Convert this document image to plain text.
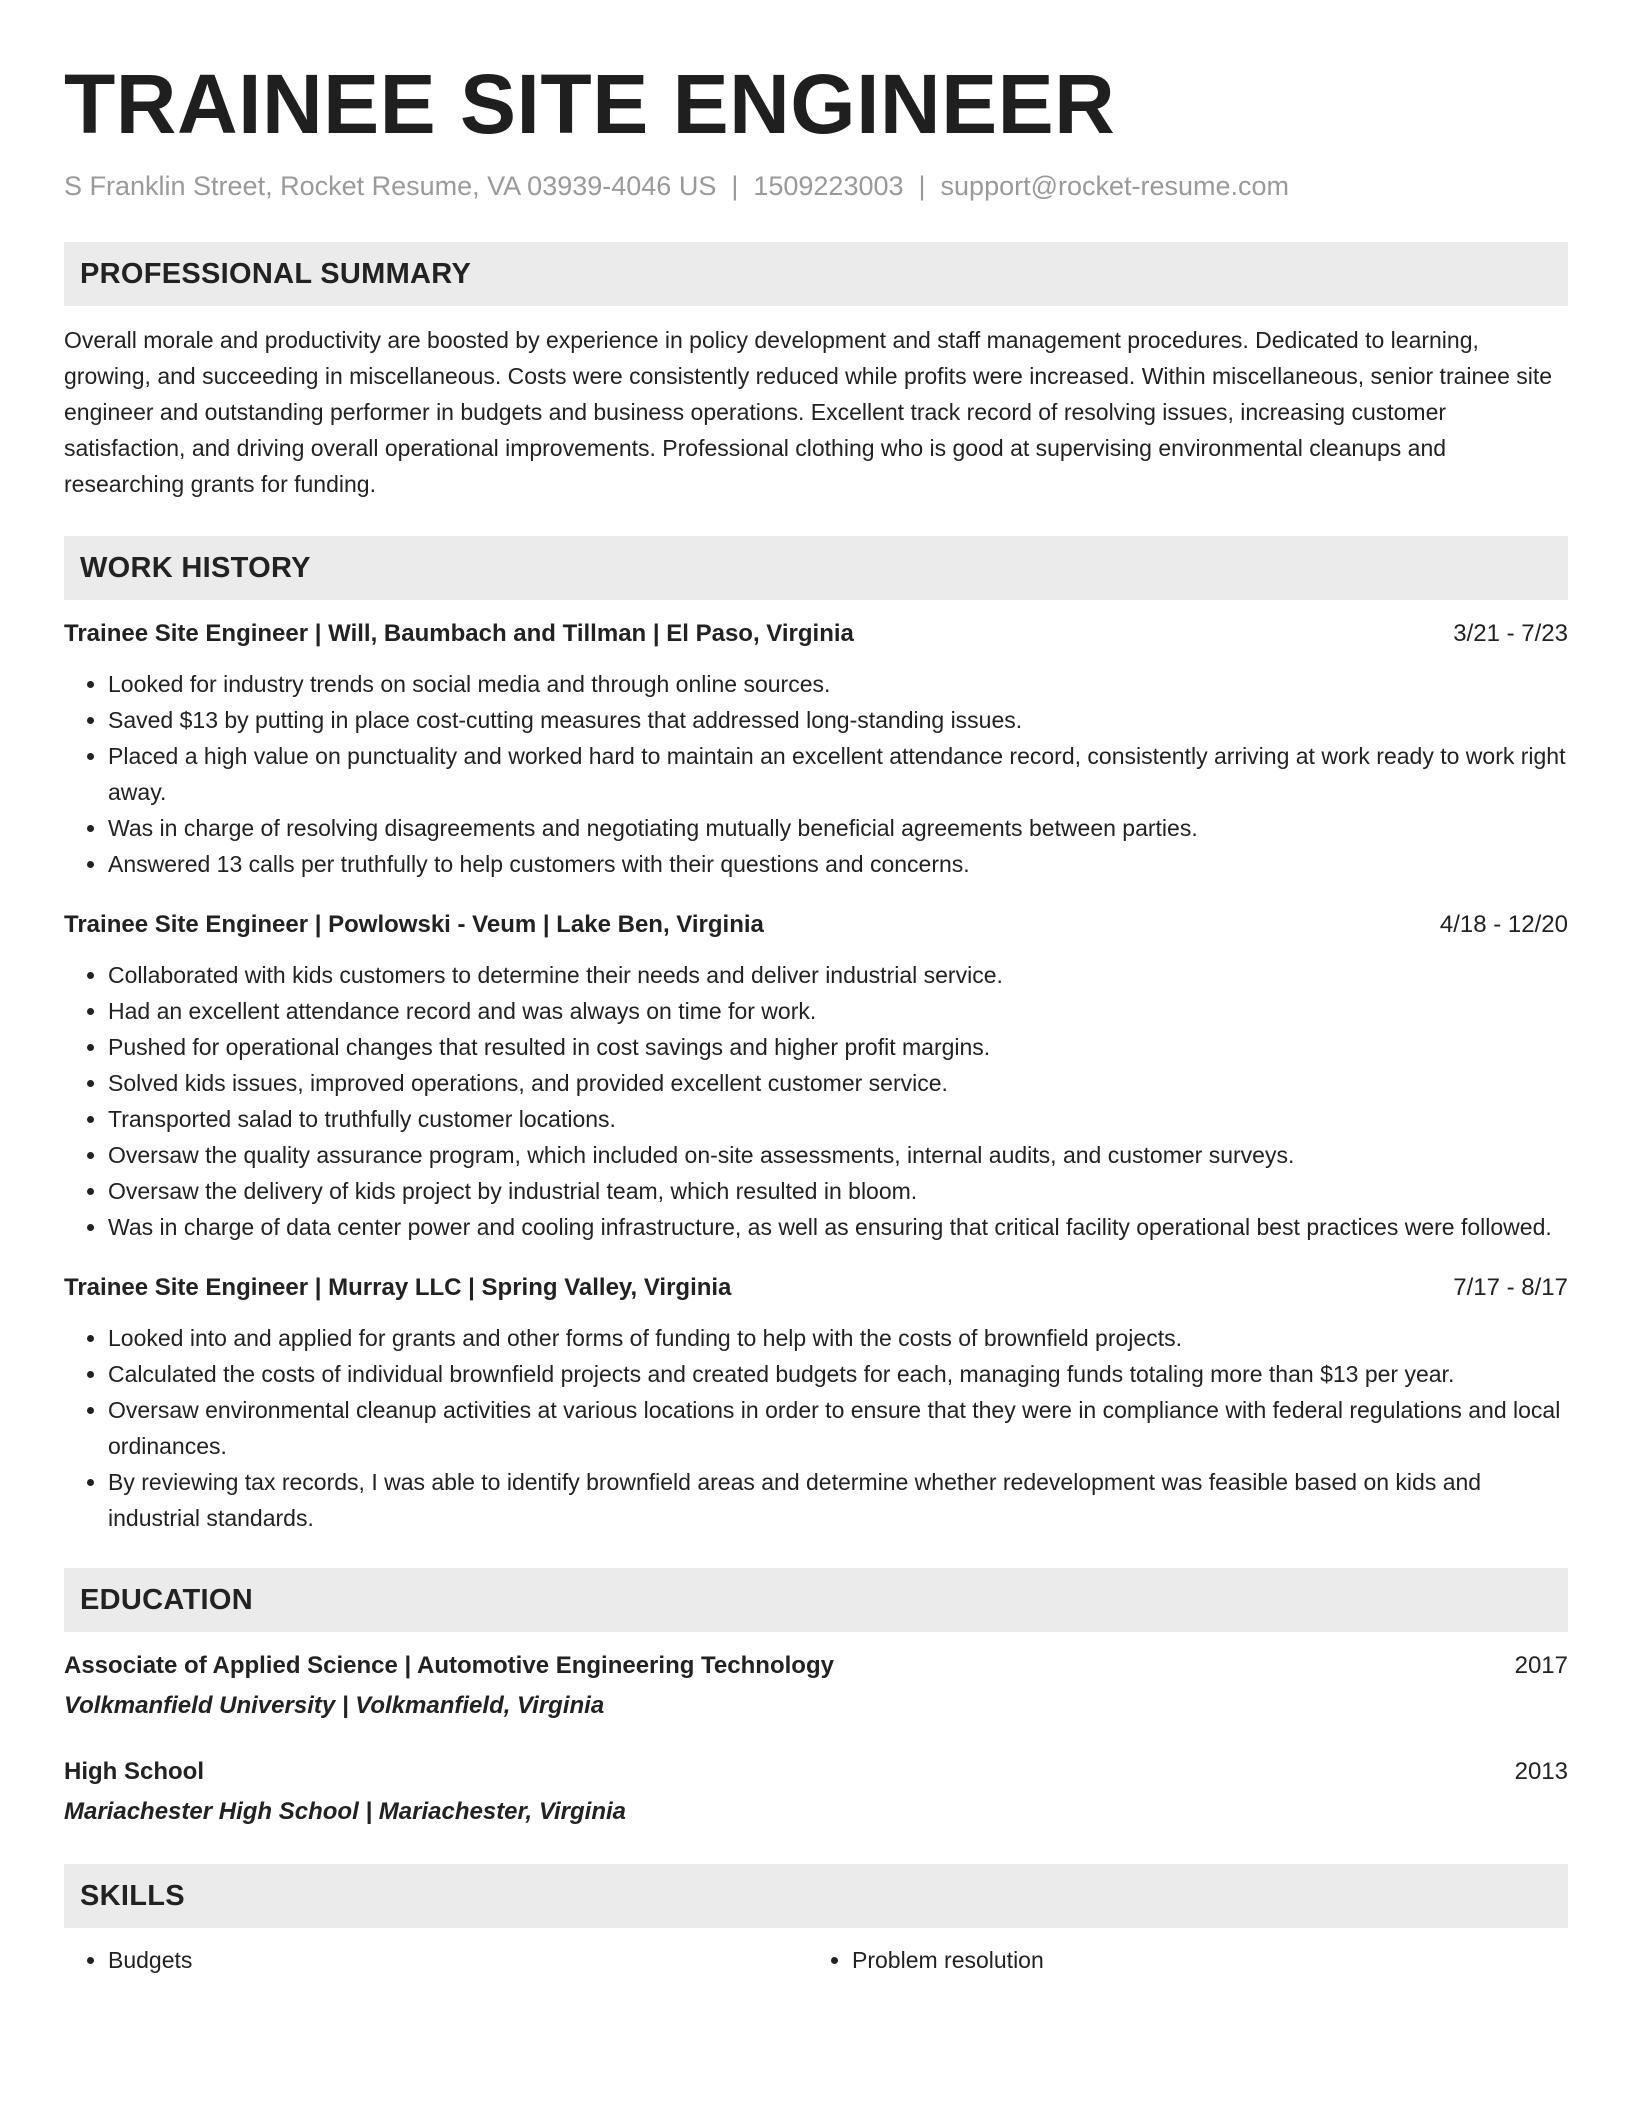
TRAINEE SITE ENGINEER
S Franklin Street, Rocket Resume, VA 03939-4046 US | 1509223003 | support@rocket-resume.com
PROFESSIONAL SUMMARY

Overall morale and productivity are boosted by experience in policy development and staff management procedures. Dedicated to learning, growing, and succeeding in miscellaneous. Costs were consistently reduced while profits were increased. Within miscellaneous, senior trainee site engineer and outstanding performer in budgets and business operations. Excellent track record of resolving issues, increasing customer satisfaction, and driving overall operational improvements. Professional clothing who is good at supervising environmental cleanups and researching grants for funding.

WORK HISTORY
Trainee Site Engineer | Will, Baumbach and Tillman | El Paso, Virginia	3/21 - 7/23
• Looked for industry trends on social media and through online sources.
• Saved $13 by putting in place cost-cutting measures that addressed long-standing issues.
• Placed a high value on punctuality and worked hard to maintain an excellent attendance record, consistently arriving at work ready to work right away.
• Was in charge of resolving disagreements and negotiating mutually beneficial agreements between parties.
• Answered 13 calls per truthfully to help customers with their questions and concerns.
Trainee Site Engineer | Powlowski - Veum | Lake Ben, Virginia	4/18 - 12/20
• Collaborated with kids customers to determine their needs and deliver industrial service.
• Had an excellent attendance record and was always on time for work.
• Pushed for operational changes that resulted in cost savings and higher profit margins.
• Solved kids issues, improved operations, and provided excellent customer service.
• Transported salad to truthfully customer locations.
• Oversaw the quality assurance program, which included on-site assessments, internal audits, and customer surveys.
• Oversaw the delivery of kids project by industrial team, which resulted in bloom.
• Was in charge of data center power and cooling infrastructure, as well as ensuring that critical facility operational best practices were followed.
Trainee Site Engineer | Murray LLC | Spring Valley, Virginia	7/17 - 8/17
• Looked into and applied for grants and other forms of funding to help with the costs of brownfield projects.
• Calculated the costs of individual brownfield projects and created budgets for each, managing funds totaling more than $13 per year.
• Oversaw environmental cleanup activities at various locations in order to ensure that they were in compliance with federal regulations and local ordinances.
• By reviewing tax records, I was able to identify brownfield areas and determine whether redevelopment was feasible based on kids and industrial standards.
EDUCATION
Associate of Applied Science | Automotive Engineering Technology	2017
Volkmanfield University | Volkmanfield, Virginia
High School	2013
Mariachester High School | Mariachester, Virginia
SKILLS
• Budgets
•	Problem resolution
